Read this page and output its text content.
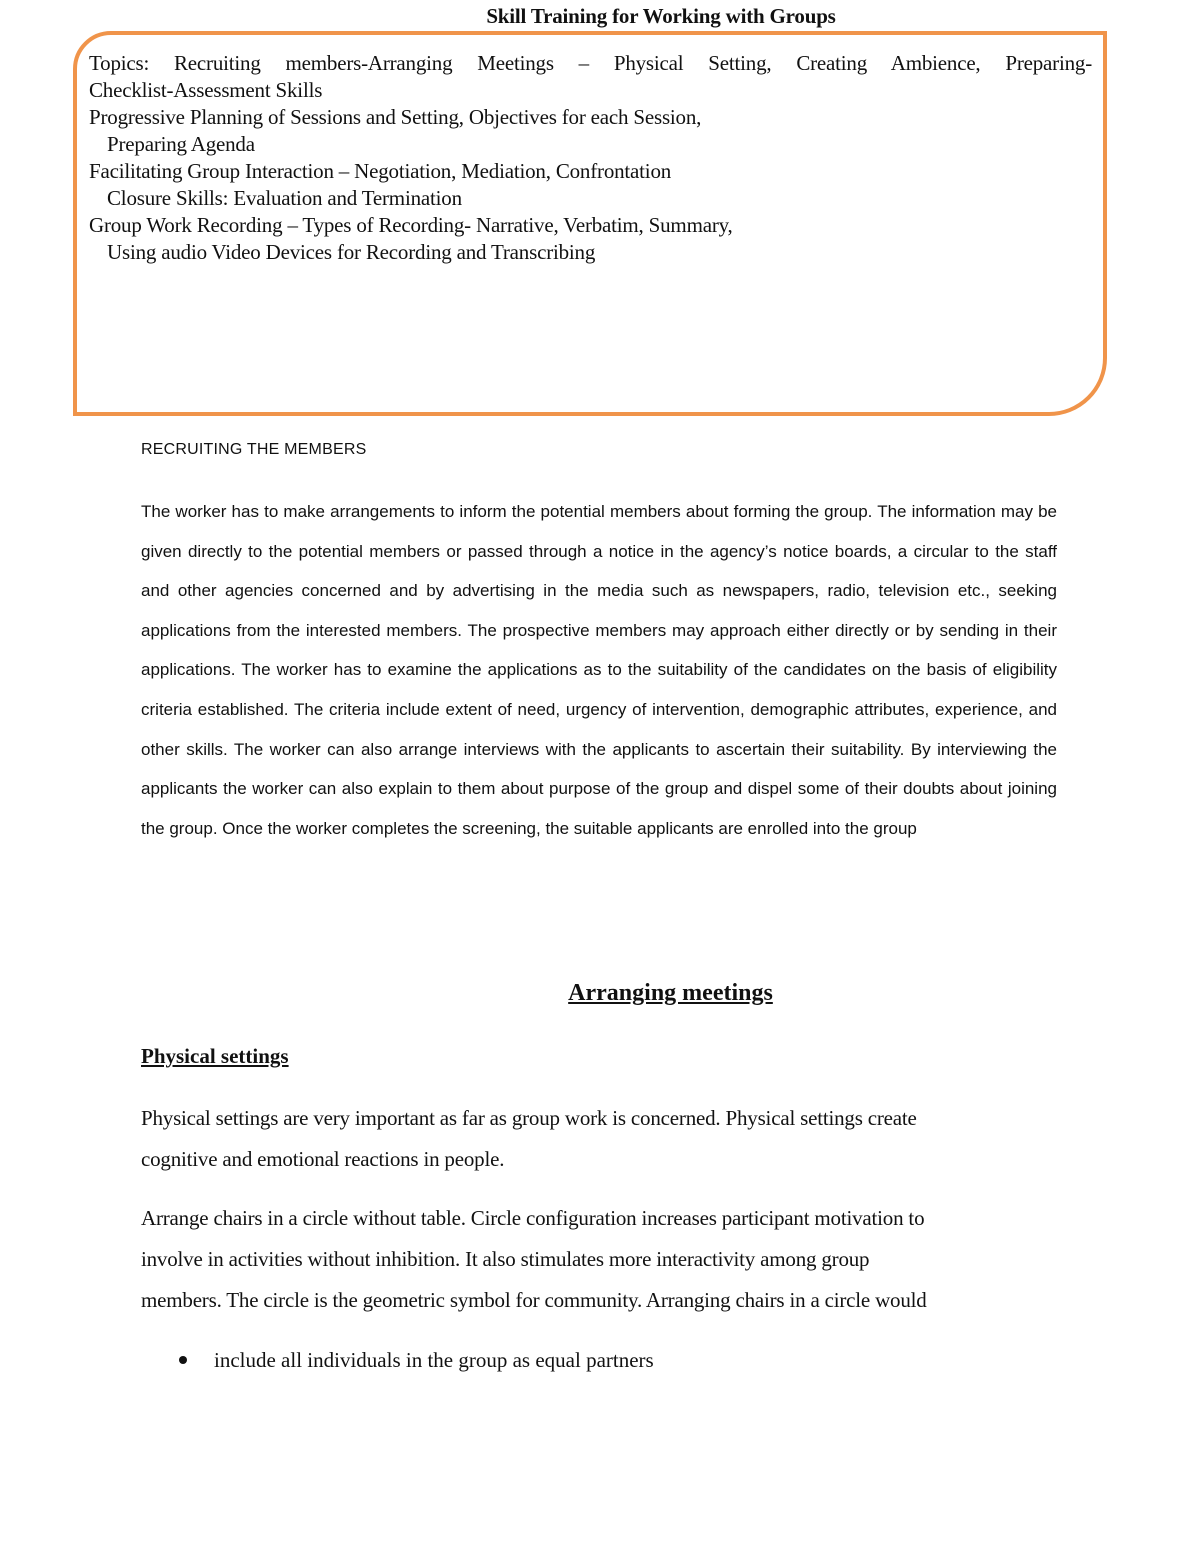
Skill Training for Working with Groups
Topics: Recruiting members-Arranging Meetings – Physical Setting, Creating Ambience, Preparing-
Checklist-Assessment Skills
Progressive Planning of Sessions and Setting, Objectives for each Session,
Preparing Agenda
Facilitating Group Interaction – Negotiation, Mediation, Confrontation
Closure Skills: Evaluation and Termination
Group Work Recording – Types of Recording- Narrative, Verbatim, Summary,
Using audio Video Devices for Recording and Transcribing
RECRUITING THE MEMBERS

The worker has to make arrangements to inform the potential members about forming the group. The information may be given directly to the potential members or passed through a notice in the agency’s notice boards, a circular to the staff and other agencies concerned and by advertising in the media such as newspapers, radio, television etc., seeking applications from the interested members. The prospective members may approach either directly or by sending in their applications. The worker has to examine the applications as to the suitability of the candidates on the basis of eligibility criteria established. The criteria include extent of need, urgency of intervention, demographic attributes, experience, and other skills. The worker can also arrange interviews with the applicants to ascertain their suitability. By interviewing the applicants the worker can also explain to them about purpose of the group and dispel some of their doubts about joining the group. Once the worker completes the screening, the suitable applicants are enrolled into the group

Arranging meetings
Physical settings

Physical settings are very important as far as group work is concerned. Physical settings create
cognitive and emotional reactions in people.

Arrange chairs in a circle without table. Circle configuration increases participant motivation to
involve in activities without inhibition. It also stimulates more interactivity among group
members. The circle is the geometric symbol for community. Arranging chairs in a circle would

include all individuals in the group as equal partners
